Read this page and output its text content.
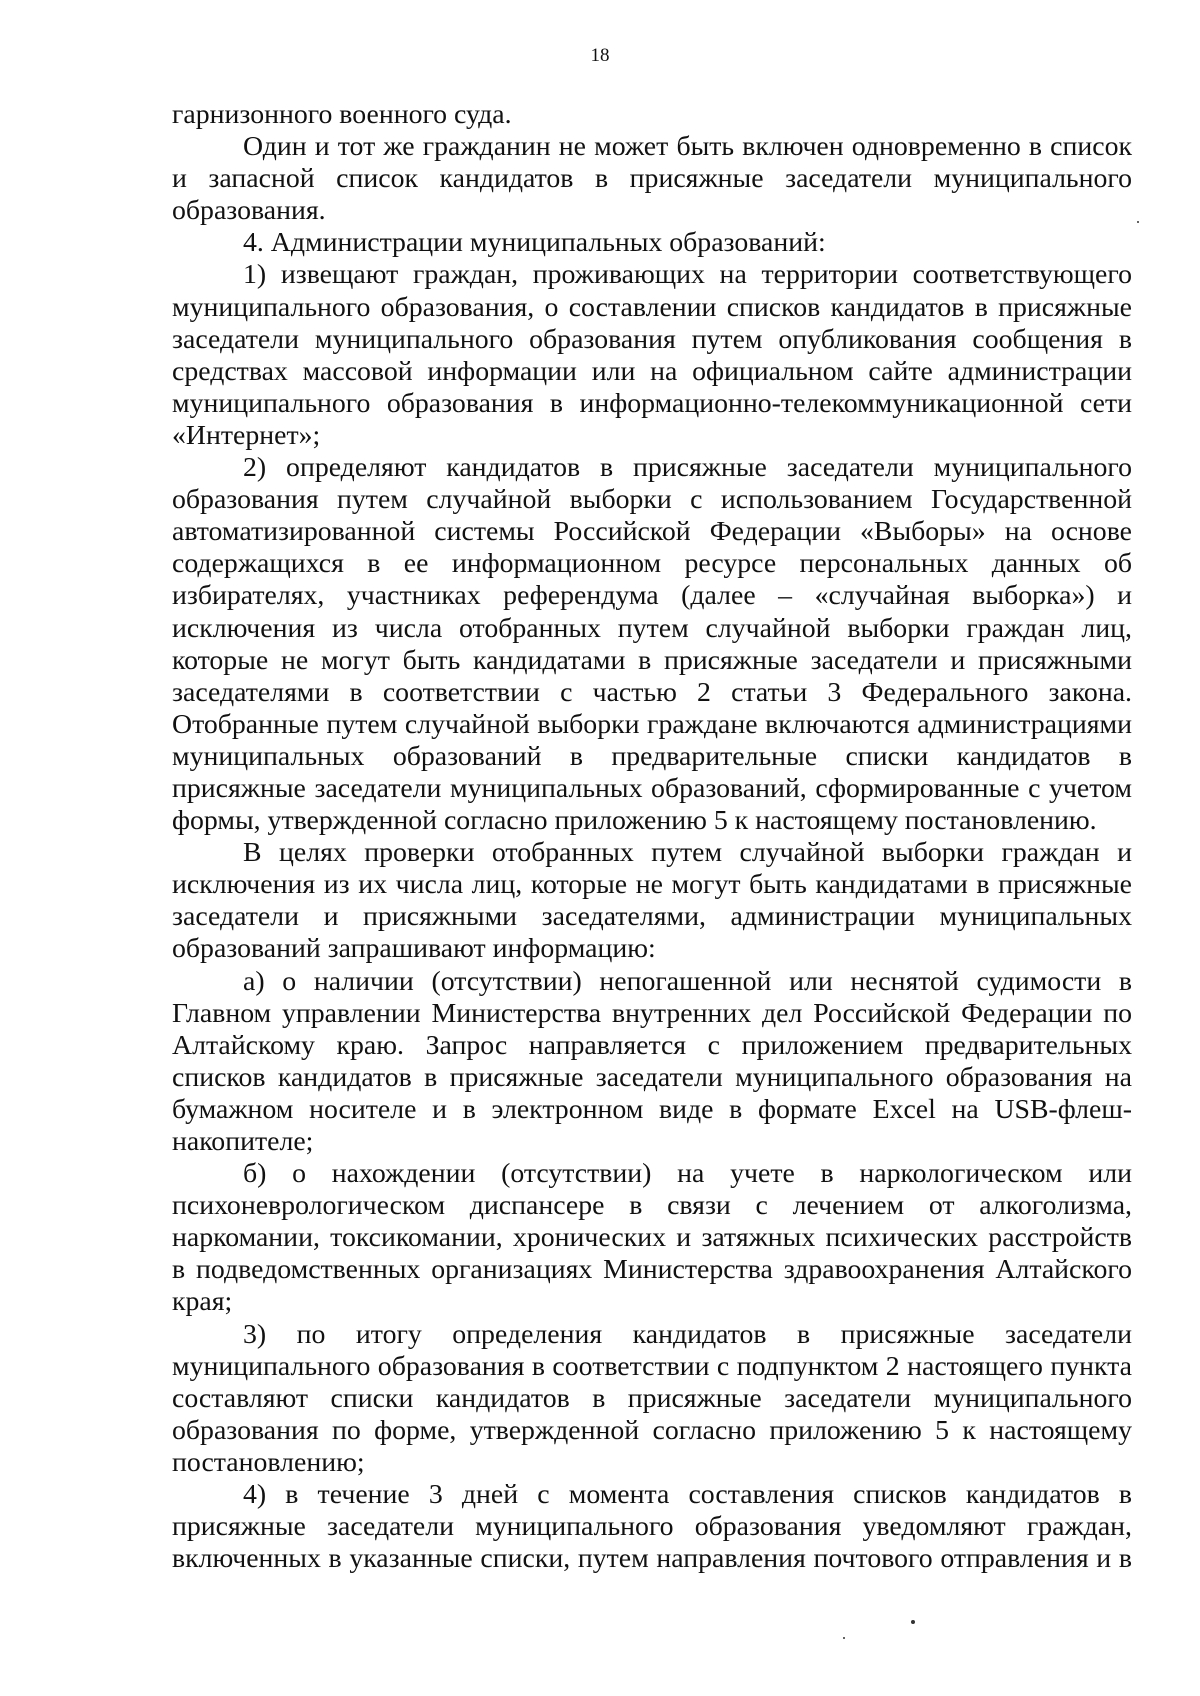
18

гарнизонного военного суда.

Один и тот же гражданин не может быть включен одновременно в список и запасной список кандидатов в присяжные заседатели муниципального образования.

4. Администрации муниципальных образований:

1) извещают граждан, проживающих на территории соответствующего муниципального образования, о составлении списков кандидатов в присяжные заседатели муниципального образования путем опубликования сообщения в средствах массовой информации или на официальном сайте администрации муниципального образования в информационно-телекоммуникационной сети «Интернет»;

2) определяют кандидатов в присяжные заседатели муниципального образования путем случайной выборки с использованием Государственной автоматизированной системы Российской Федерации «Выборы» на основе содержащихся в ее информационном ресурсе персональных данных об избирателях, участниках референдума (далее – «случайная выборка») и исключения из числа отобранных путем случайной выборки граждан лиц, которые не могут быть кандидатами в присяжные заседатели и присяжными заседателями в соответствии с частью 2 статьи 3 Федерального закона. Отобранные путем случайной выборки граждане включаются администрациями муниципальных образований в предварительные списки кандидатов в присяжные заседатели муниципальных образований, сформированные с учетом формы, утвержденной согласно приложению 5 к настоящему постановлению.

В целях проверки отобранных путем случайной выборки граждан и исключения из их числа лиц, которые не могут быть кандидатами в присяжные заседатели и присяжными заседателями, администрации муниципальных образований запрашивают информацию:

а) о наличии (отсутствии) непогашенной или неснятой судимости в Главном управлении Министерства внутренних дел Российской Федерации по Алтайскому краю. Запрос направляется с приложением предварительных списков кандидатов в присяжные заседатели муниципального образования на бумажном носителе и в электронном виде в формате Excel на USB-флеш-накопителе;

б) о нахождении (отсутствии) на учете в наркологическом или психоневрологическом диспансере в связи с лечением от алкоголизма, наркомании, токсикомании, хронических и затяжных психических расстройств в подведомственных организациях Министерства здравоохранения Алтайского края;

3) по итогу определения кандидатов в присяжные заседатели муниципального образования в соответствии с подпунктом 2 настоящего пункта составляют списки кандидатов в присяжные заседатели муниципального образования по форме, утвержденной согласно приложению 5 к настоящему постановлению;

4) в течение 3 дней с момента составления списков кандидатов в присяжные заседатели муниципального образования уведомляют граждан, включенных в указанные списки, путем направления почтового отправления и в
